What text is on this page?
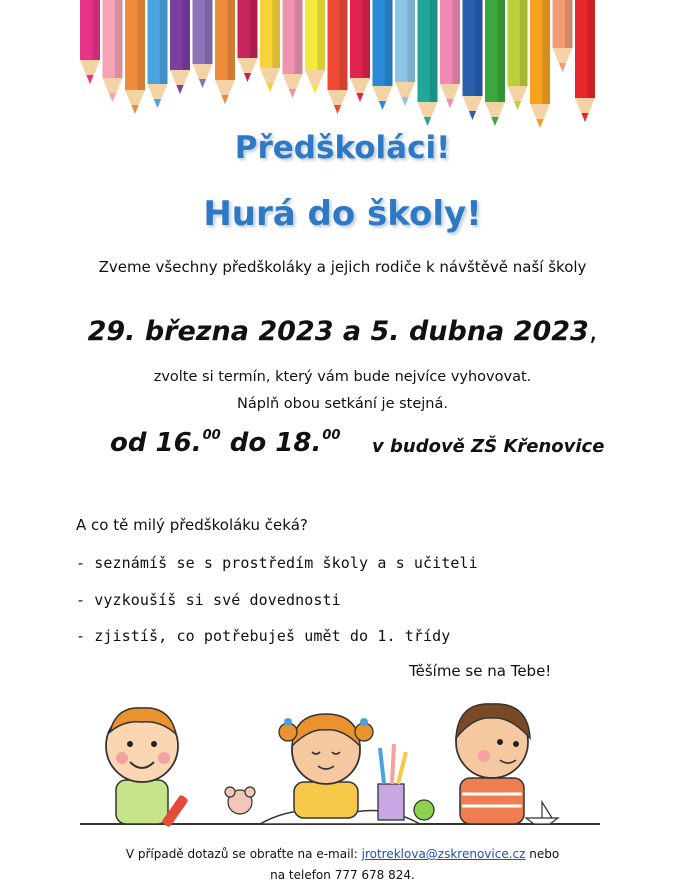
Předškoláci!
Hurá do školy!
Zveme všechny předškoláky a jejich rodiče k návštěvě naší školy
29. března 2023 a 5. dubna 2023,
zvolte si termín, který vám bude nejvíce vyhovovat.
Náplň obou setkání je stejná.
od 16.00 do 18.00
v budově ZŠ Křenovice
A co tě milý předškoláku čeká?
- seznámíš se s prostředím školy a s učiteli
- vyzkoušíš si své dovednosti
- zjistíš, co potřebuješ umět do 1. třídy
Těšíme se na Tebe!
V případě dotazů se obraťte na e-mail: jrotreklova@zskrenovice.cz nebo
na telefon 777 678 824.
